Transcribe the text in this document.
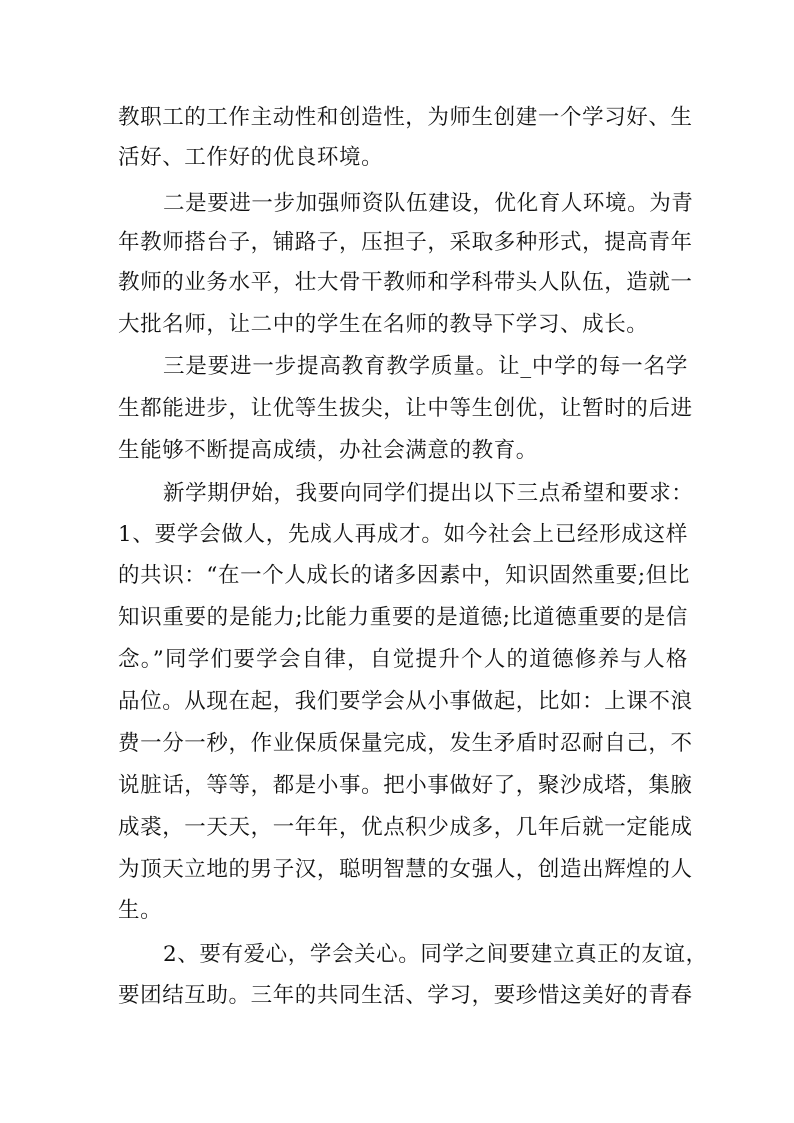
教职工的工作主动性和创造性，为师生创建一个学习好、生
活好、工作好的优良环境。
二是要进一步加强师资队伍建设，优化育人环境。为青
年教师搭台子，铺路子，压担子，采取多种形式，提高青年
教师的业务水平，壮大骨干教师和学科带头人队伍，造就一
大批名师，让二中的学生在名师的教导下学习、成长。
三是要进一步提高教育教学质量。让_中学的每一名学
生都能进步，让优等生拔尖，让中等生创优，让暂时的后进
生能够不断提高成绩，办社会满意的教育。
新学期伊始，我要向同学们提出以下三点希望和要求：
1、要学会做人，先成人再成才。如今社会上已经形成这样
的共识：“在一个人成长的诸多因素中，知识固然重要;但比
知识重要的是能力;比能力重要的是道德;比道德重要的是信
念。”同学们要学会自律，自觉提升个人的道德修养与人格
品位。从现在起，我们要学会从小事做起，比如：上课不浪
费一分一秒，作业保质保量完成，发生矛盾时忍耐自己，不
说脏话，等等，都是小事。把小事做好了，聚沙成塔，集腋
成裘，一天天，一年年，优点积少成多，几年后就一定能成
为顶天立地的男子汉，聪明智慧的女强人，创造出辉煌的人
生。
2、要有爱心，学会关心。同学之间要建立真正的友谊，
要团结互助。三年的共同生活、学习，要珍惜这美好的青春
